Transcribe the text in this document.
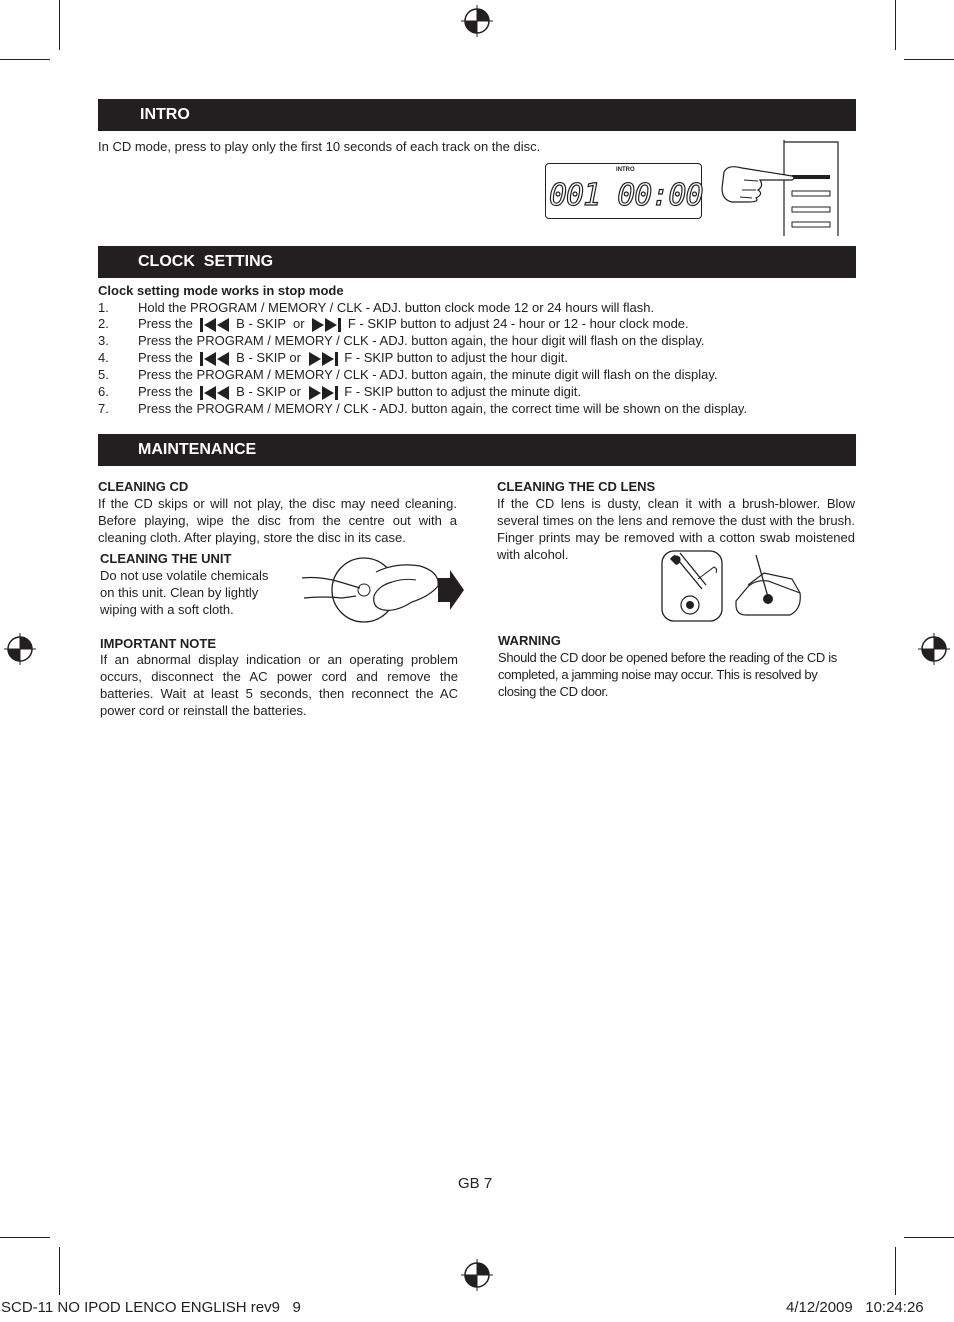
INTRO
In CD mode, press to play only the first 10 seconds of each track on the disc.
INTRO
001 00:00
CLOCK  SETTING
Clock setting mode works in stop mode
1. Hold the PROGRAM / MEMORY / CLK - ADJ. button clock mode 12 or 24 hours will flash.
2. Press the	B - SKIP  or	F - SKIP button to adjust 24 - hour or 12 - hour clock mode.
3. Press the PROGRAM / MEMORY / CLK - ADJ. button again, the hour digit will flash on the display.
4. Press the	B - SKIP or	F - SKIP button to adjust the hour digit.
5. Press the PROGRAM / MEMORY / CLK - ADJ. button again, the minute digit will flash on the display.
6. Press the	B - SKIP or	F - SKIP button to adjust the minute digit.
7. Press the PROGRAM / MEMORY / CLK - ADJ. button again, the correct time will be shown on the display.
MAINTENANCE
CLEANING CD
If the CD skips or will not play, the disc may need cleaning. Before playing, wipe the disc from the centre out with a cleaning cloth. After playing, store the disc in its case.
CLEANING THE UNIT
Do not use volatile chemicals
on this unit. Clean by lightly
wiping with a soft cloth.
IMPORTANT NOTE
If an abnormal display indication or an operating problem occurs, disconnect the AC power cord and remove the batteries. Wait at least 5 seconds, then reconnect the AC power cord or reinstall the batteries.
CLEANING THE CD LENS
If the CD lens is dusty, clean it with a brush-blower. Blow several times on the lens and remove the dust with the brush. Finger prints may be removed with a cotton swab moistened with alcohol.
WARNING
Should the CD door be opened before the reading of the CD is completed, a jamming noise may occur. This is resolved by closing the CD door.
GB 7
SCD-11 NO IPOD LENCO ENGLISH rev9   9	4/12/2009   10:24:26
